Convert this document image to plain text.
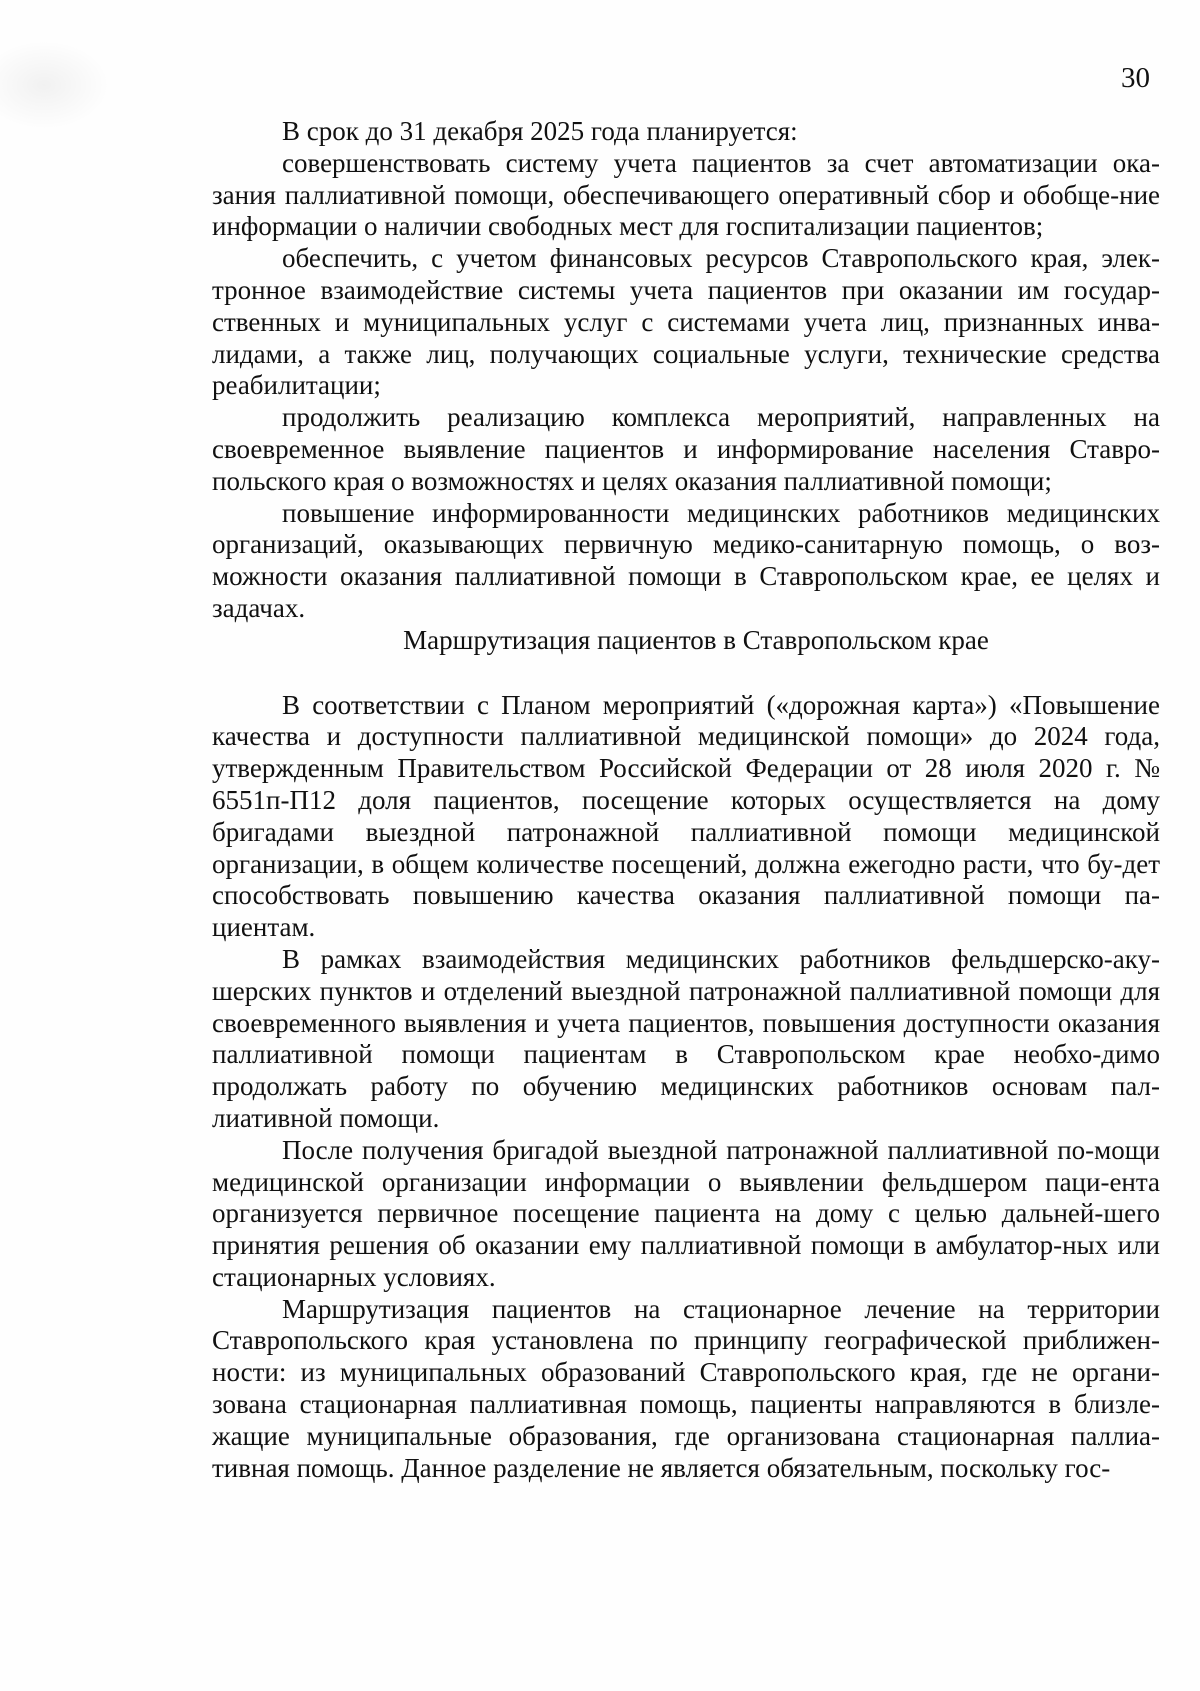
30

В срок до 31 декабря 2025 года планируется:

совершенствовать систему учета пациентов за счет автоматизации ока-зания паллиативной помощи, обеспечивающего оперативный сбор и обобще-ние информации о наличии свободных мест для госпитализации пациентов;

обеспечить, с учетом финансовых ресурсов Ставропольского края, элек-тронное взаимодействие системы учета пациентов при оказании им государ-ственных и муниципальных услуг с системами учета лиц, признанных инва-лидами, а также лиц, получающих социальные услуги, технические средства реабилитации;

продолжить реализацию комплекса мероприятий, направленных на своевременное выявление пациентов и информирование населения Ставро-польского края о возможностях и целях оказания паллиативной помощи;

повышение информированности медицинских работников медицинских организаций, оказывающих первичную медико-санитарную помощь, о воз-можности оказания паллиативной помощи в Ставропольском крае, ее целях и задачах.

Маршрутизация пациентов в Ставропольском крае

В соответствии с Планом мероприятий («дорожная карта») «Повышение качества и доступности паллиативной медицинской помощи» до 2024 года, утвержденным Правительством Российской Федерации от 28 июля 2020 г. № 6551п-П12 доля пациентов, посещение которых осуществляется на дому бригадами выездной патронажной паллиативной помощи медицинской организации, в общем количестве посещений, должна ежегодно расти, что бу-дет способствовать повышению качества оказания паллиативной помощи па-циентам.

В рамках взаимодействия медицинских работников фельдшерско-аку-шерских пунктов и отделений выездной патронажной паллиативной помощи для своевременного выявления и учета пациентов, повышения доступности оказания паллиативной помощи пациентам в Ставропольском крае необхо-димо продолжать работу по обучению медицинских работников основам пал-лиативной помощи.

После получения бригадой выездной патронажной паллиативной по-мощи медицинской организации информации о выявлении фельдшером паци-ента организуется первичное посещение пациента на дому с целью дальней-шего принятия решения об оказании ему паллиативной помощи в амбулатор-ных или стационарных условиях.

Маршрутизация пациентов на стационарное лечение на территории Ставропольского края установлена по принципу географической приближен-ности: из муниципальных образований Ставропольского края, где не органи-зована стационарная паллиативная помощь, пациенты направляются в близле-жащие муниципальные образования, где организована стационарная паллиа-тивная помощь. Данное разделение не является обязательным, поскольку гос-
